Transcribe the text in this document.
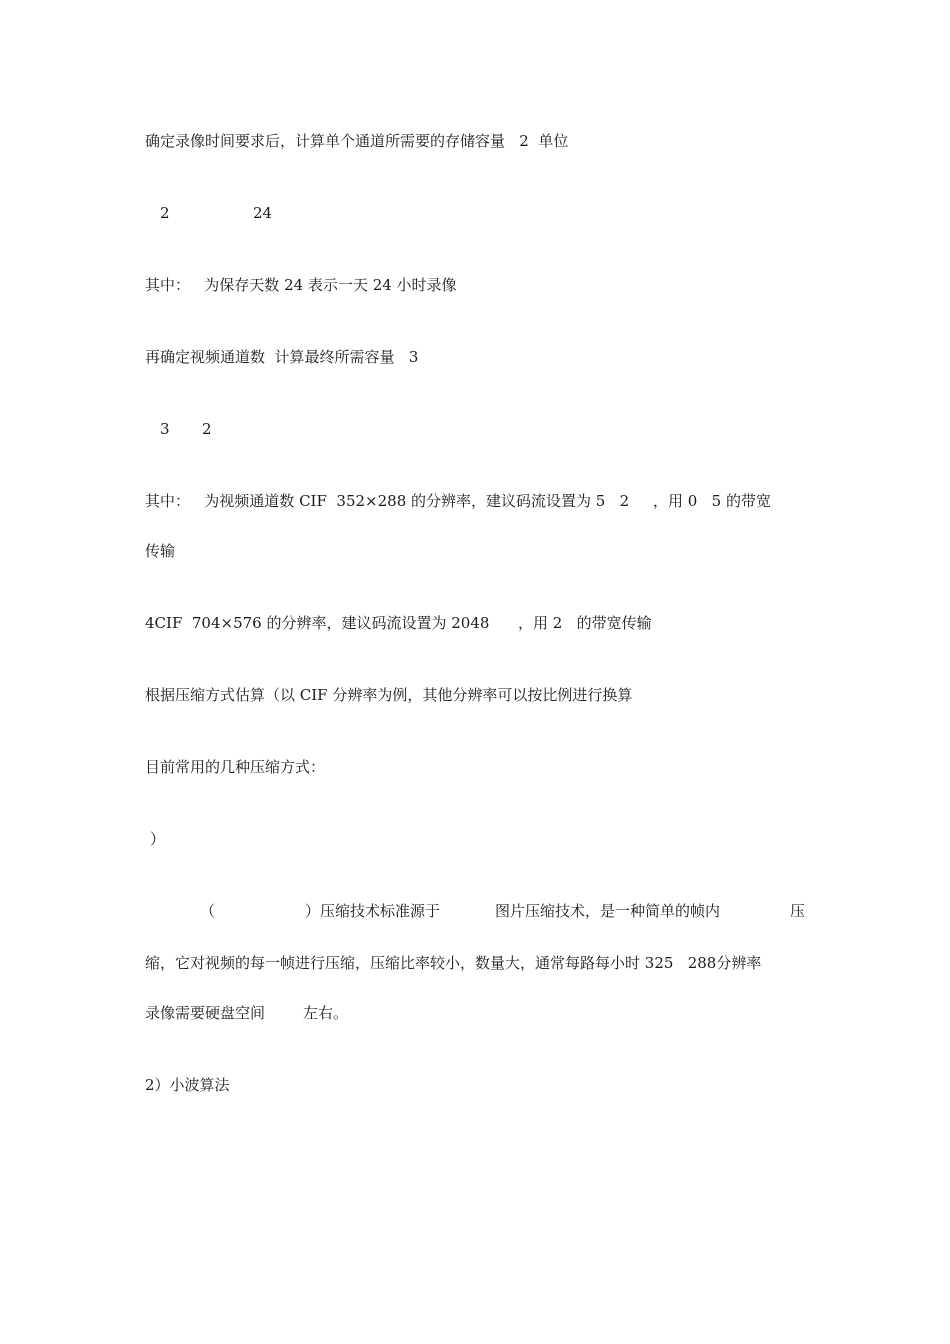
确定录像时间要求后，计算单个通道所需要的存储容量   2  单位
2	24
其中：   为保存天数 24 表示一天 24 小时录像
再确定视频通道数  计算最终所需容量   3
3 2
其中：   为视频通道数 CIF  352×288 的分辨率，建议码流设置为 5   2     ，用 0   5 的带宽
传输
4CIF  704×576 的分辨率，建议码流设置为 2048      ，用 2   的带宽传输
根据压缩方式估算（以 CIF 分辨率为例，其他分辨率可以按比例进行换算
目前常用的几种压缩方式：
）
（	）压缩技术标准源于	图片压缩技术，是一种简单的帧内	压
缩，它对视频的每一帧进行压缩，压缩比率较小，数量大，通常每路每小时 325   288分辨率
录像需要硬盘空间	左右。
2）小波算法
